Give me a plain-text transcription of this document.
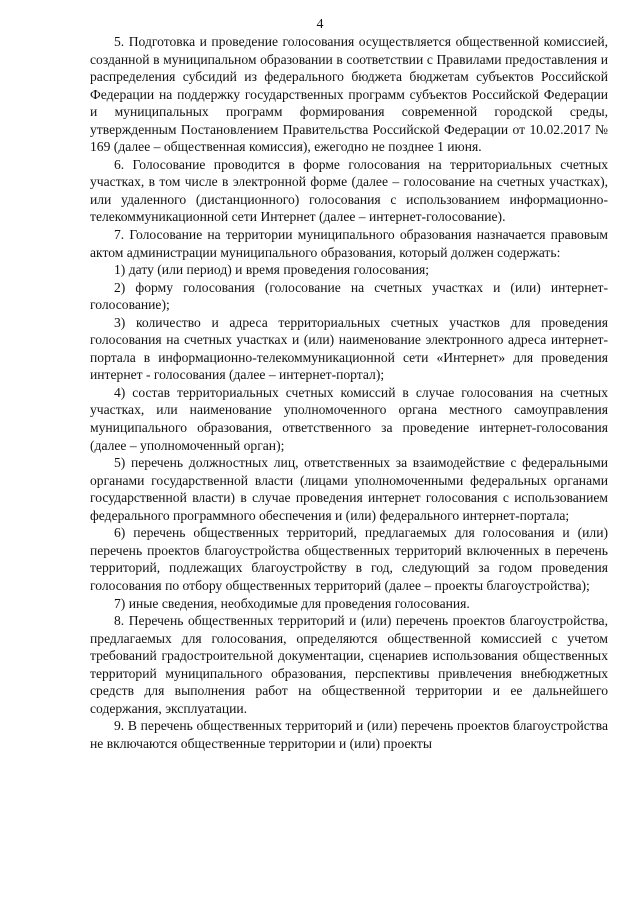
4

5. Подготовка и проведение голосования осуществляется общественной комиссией, созданной в муниципальном образовании в соответствии с Правилами предоставления и распределения субсидий из федерального бюджета бюджетам субъектов Российской Федерации на поддержку государственных программ субъектов Российской Федерации и муниципальных программ формирования современной городской среды, утвержденным Постановлением Правительства Российской Федерации от 10.02.2017 № 169 (далее – общественная комиссия), ежегодно не позднее 1 июня.

6. Голосование проводится в форме голосования на территориальных счетных участках, в том числе в электронной форме (далее – голосование на счетных участках), или удаленного (дистанционного) голосования с использованием информационно-телекоммуникационной сети Интернет (далее – интернет-голосование).

7. Голосование на территории муниципального образования назначается правовым актом администрации муниципального образования, который должен содержать:

1) дату (или период) и время проведения голосования;

2) форму голосования (голосование на счетных участках и (или) интернет-голосование);

3) количество и адреса территориальных счетных участков для проведения голосования на счетных участках и (или) наименование электронного адреса интернет-портала в информационно-телекоммуникационной сети «Интернет» для проведения интернет - голосования (далее – интернет-портал);

4) состав территориальных счетных комиссий в случае голосования на счетных участках, или наименование уполномоченного органа местного самоуправления муниципального образования, ответственного за проведение интернет-голосования (далее – уполномоченный орган);

5) перечень должностных лиц, ответственных за взаимодействие с федеральными органами государственной власти (лицами уполномоченными федеральных органами государственной власти) в случае проведения интернет голосования с использованием федерального программного обеспечения и (или) федерального интернет-портала;

6) перечень общественных территорий, предлагаемых для голосования и (или) перечень проектов благоустройства общественных территорий включенных в перечень территорий, подлежащих благоустройству в год, следующий за годом проведения голосования по отбору общественных территорий (далее – проекты благоустройства);

7) иные сведения, необходимые для проведения голосования.

8. Перечень общественных территорий и (или) перечень проектов благоустройства, предлагаемых для голосования, определяются общественной комиссией с учетом требований градостроительной документации, сценариев использования общественных территорий муниципального образования, перспективы привлечения внебюджетных средств для выполнения работ на общественной территории и ее дальнейшего содержания, эксплуатации.

9. В перечень общественных территорий и (или) перечень проектов благоустройства не включаются общественные территории и (или) проекты
